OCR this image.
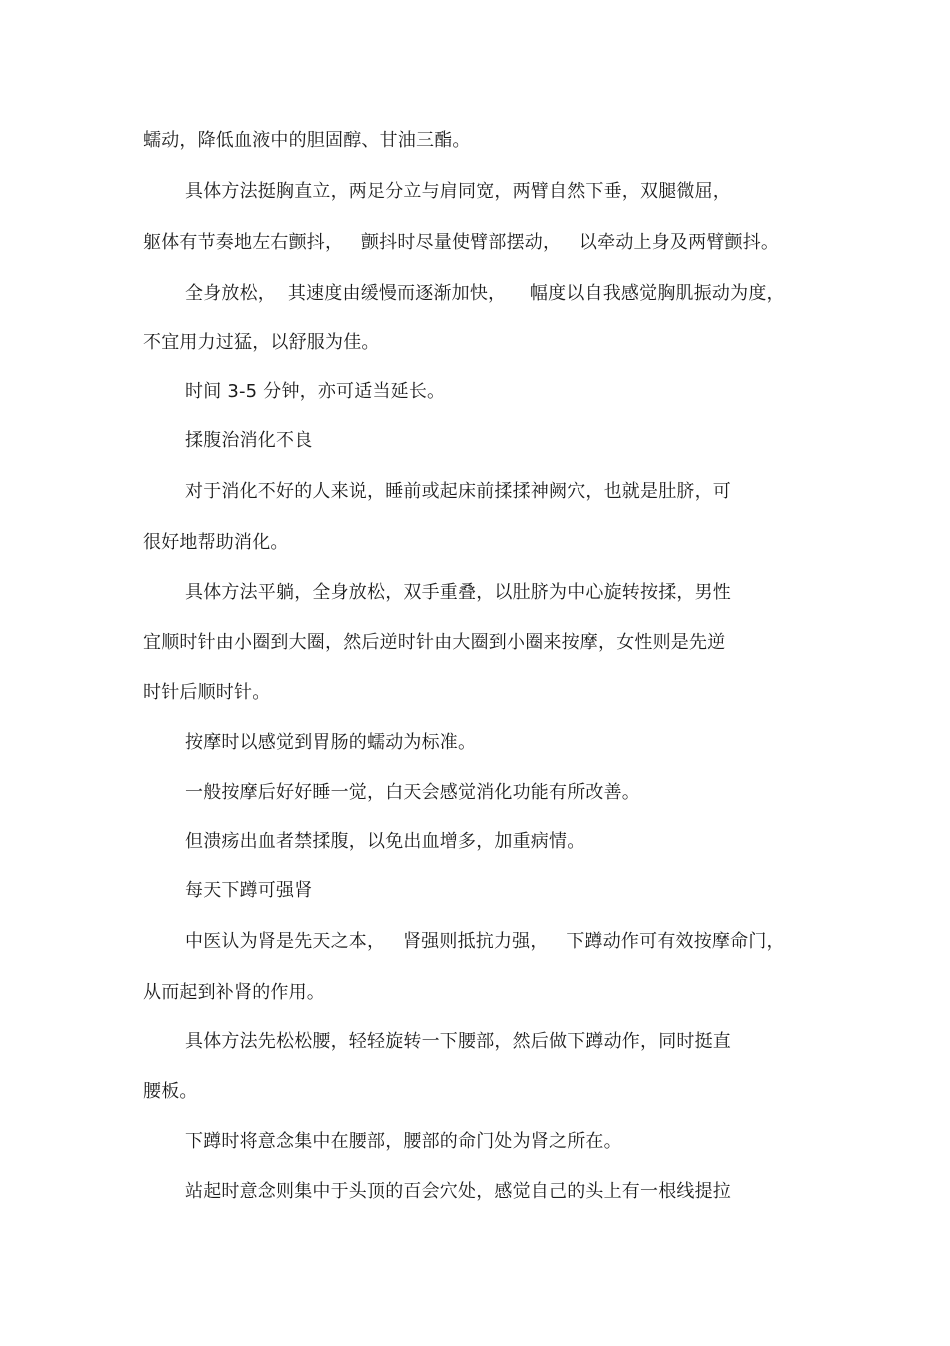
蠕动，降低血液中的胆固醇、甘油三酯。
具体方法挺胸直立，两足分立与肩同宽，两臂自然下垂，双腿微屈，
躯体有节奏地左右颤抖，   颤抖时尽量使臂部摆动，   以牵动上身及两臂颤抖。
全身放松，  其速度由缓慢而逐渐加快，    幅度以自我感觉胸肌振动为度，
不宜用力过猛，以舒服为佳。
时间 3-5 分钟，亦可适当延长。
揉腹治消化不良
对于消化不好的人来说，睡前或起床前揉揉神阙穴，也就是肚脐，可
很好地帮助消化。
具体方法平躺，全身放松，双手重叠，以肚脐为中心旋转按揉，男性
宜顺时针由小圈到大圈，然后逆时针由大圈到小圈来按摩，女性则是先逆
时针后顺时针。
按摩时以感觉到胃肠的蠕动为标准。
一般按摩后好好睡一觉，白天会感觉消化功能有所改善。
但溃疡出血者禁揉腹，以免出血增多，加重病情。
每天下蹲可强肾
中医认为肾是先天之本，   肾强则抵抗力强，   下蹲动作可有效按摩命门，
从而起到补肾的作用。
具体方法先松松腰，轻轻旋转一下腰部，然后做下蹲动作，同时挺直
腰板。
下蹲时将意念集中在腰部，腰部的命门处为肾之所在。
站起时意念则集中于头顶的百会穴处，感觉自己的头上有一根线提拉
